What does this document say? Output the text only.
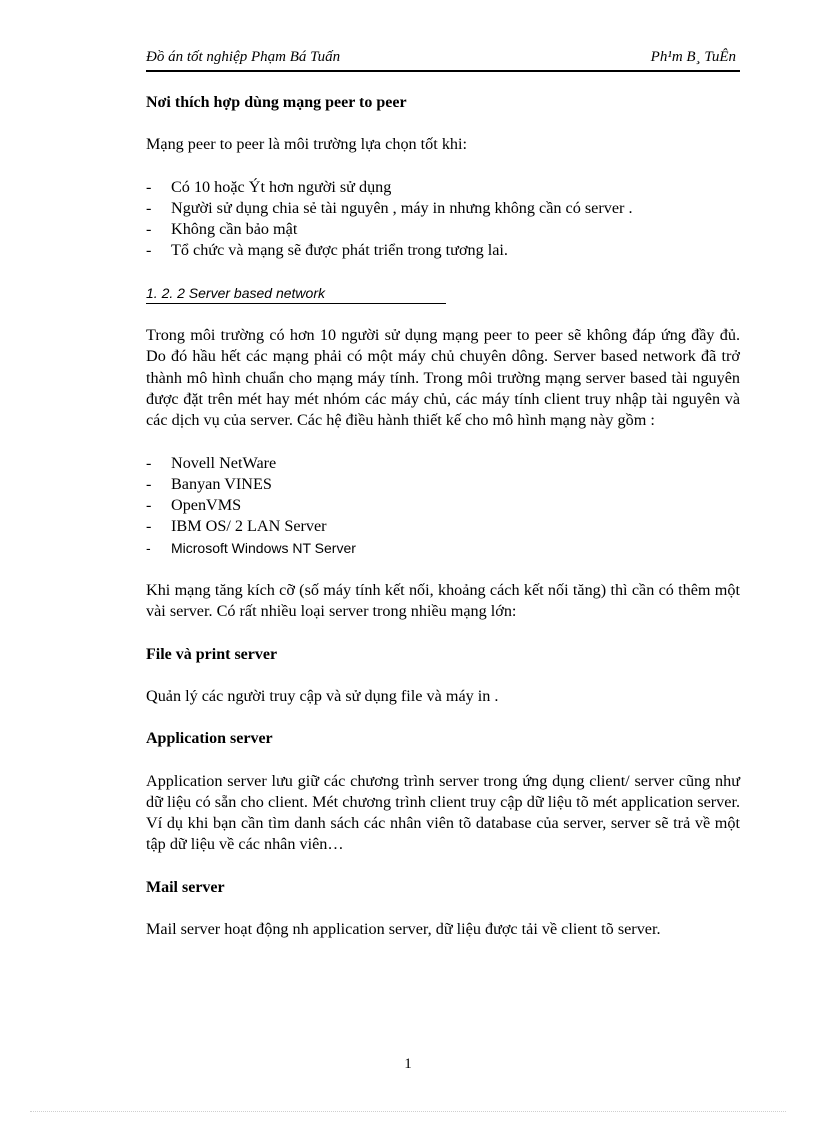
Đồ án tốt nghiệp Phạm Bá Tuấn	Ph¹m B¸ TuÊn
Nơi thích hợp dùng mạng peer to peer

Mạng peer to peer là môi trường lựa chọn tốt khi:

- Có 10 hoặc Ýt hơn người sử dụng
- Người sử dụng chia sẻ tài nguyên , máy in nhưng không cần có server .
- Không cần bảo mật
- Tổ chức và mạng sẽ được phát triển trong tương lai.

1. 2. 2 Server based network

Trong môi trường có hơn 10 người sử dụng mạng peer to peer sẽ không đáp ứng đầy đủ. Do đó hầu hết các mạng phải có một máy chủ chuyên dông. Server based network đã trở thành mô hình chuẩn cho mạng máy tính. Trong môi trường mạng server based tài nguyên được đặt trên mét hay mét nhóm các máy chủ, các máy tính client truy nhập tài nguyên và các dịch vụ của server. Các hệ điều hành thiết kế cho mô hình mạng này gồm :

- Novell NetWare
- Banyan VINES
- OpenVMS
- IBM OS/ 2 LAN Server
- Microsoft Windows NT Server

Khi mạng tăng kích cỡ (số máy tính kết nối, khoảng cách kết nối tăng) thì cần có thêm một vài server. Có rất nhiều loại server trong nhiều mạng lớn:

File và print server

Quản lý các người truy cập và sử dụng file và máy in .

Application server

Application server lưu giữ các chương trình server trong ứng dụng client/ server cũng như dữ liệu có sẵn cho client. Mét chương trình client truy cập dữ liệu tõ mét application server. Ví dụ khi bạn cần tìm danh sách các nhân viên tõ database của server, server sẽ trả về một tập dữ liệu về các nhân viên…

Mail server

Mail server hoạt động nh application server, dữ liệu được tải về client tõ server.

1
